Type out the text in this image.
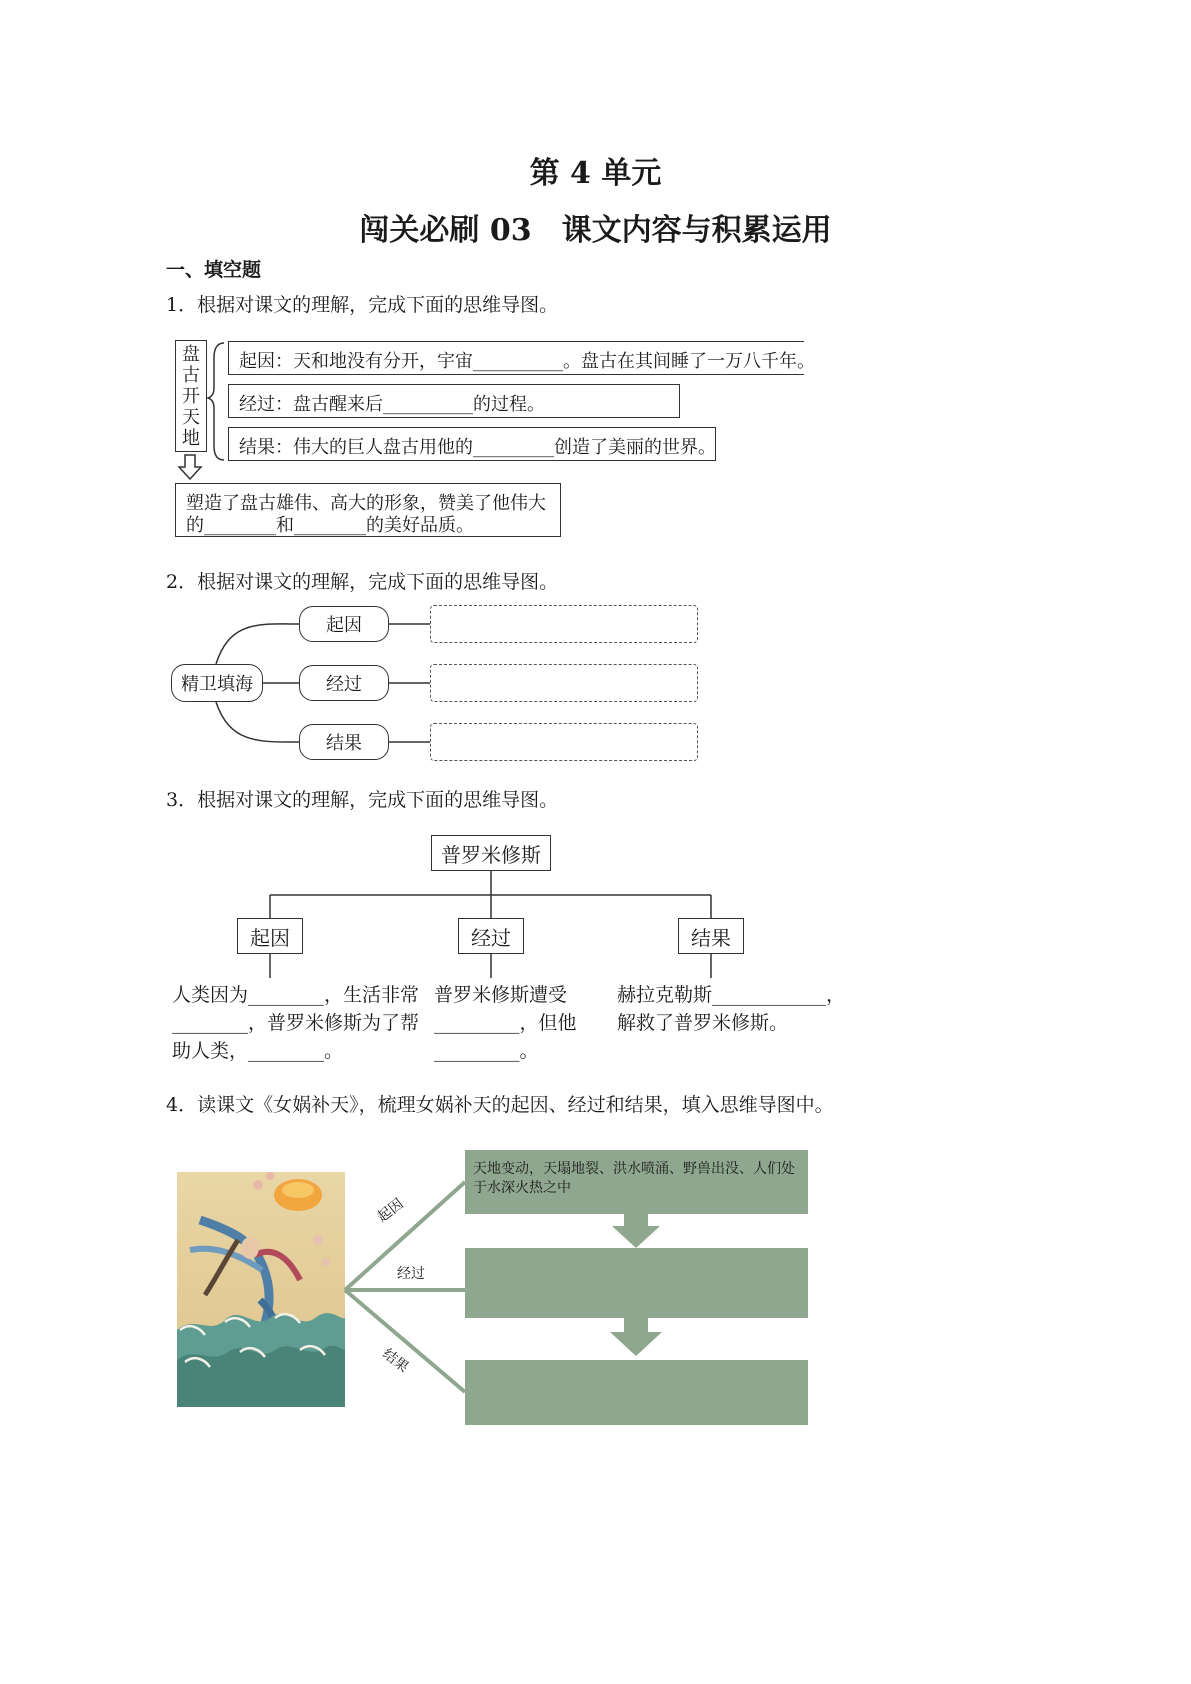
第 4 单元
闯关必刷 03　课文内容与积累运用
一、填空题
1．根据对课文的理解，完成下面的思维导图。
盘
古
开
天
地
起因：天和地没有分开，宇宙__________。盘古在其间睡了一万八千年。
经过：盘古醒来后__________的过程。
结果：伟大的巨人盘古用他的_________创造了美丽的世界。
塑造了盘古雄伟、高大的形象，赞美了他伟大
的________和________的美好品质。
2．根据对课文的理解，完成下面的思维导图。
精卫填海
起因
经过
结果
3．根据对课文的理解，完成下面的思维导图。
普罗米修斯
起因	经过	结果
人类因为________，生活非常
________，普罗米修斯为了帮
助人类，________。
普罗米修斯遭受
_________，但他
_________。
赫拉克勒斯____________，
解救了普罗米修斯。
4．读课文《女娲补天》，梳理女娲补天的起因、经过和结果，填入思维导图中。
起因
经过
结果
天地变动，天塌地裂、洪水喷涌、野兽出没、人们处于水深火热之中
